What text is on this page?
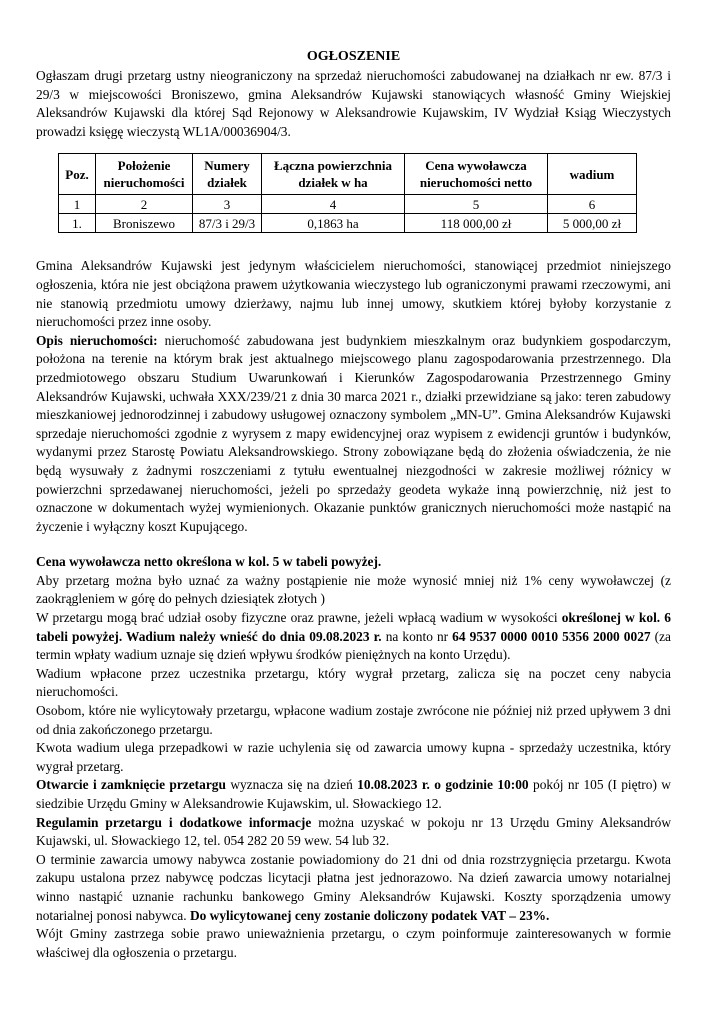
OGŁOSZENIE

Ogłaszam drugi przetarg ustny nieograniczony na sprzedaż nieruchomości zabudowanej na działkach nr ew. 87/3 i 29/3 w miejscowości Broniszewo, gmina Aleksandrów Kujawski stanowiących własność Gminy Wiejskiej Aleksandrów Kujawski dla której Sąd Rejonowy w Aleksandrowie Kujawskim, IV Wydział Ksiąg Wieczystych prowadzi księgę wieczystą WL1A/00036904/3.

Poz.	Położenie nieruchomości	Numery działek	Łączna powierzchnia działek w ha	Cena wywoławcza nieruchomości netto	wadium
1	2	3	4	5	6
1.	Broniszewo	87/3 i 29/3	0,1863 ha	118 000,00 zł	5 000,00 zł

Gmina Aleksandrów Kujawski jest jedynym właścicielem nieruchomości, stanowiącej przedmiot niniejszego ogłoszenia, która nie jest obciążona prawem użytkowania wieczystego lub ograniczonymi prawami rzeczowymi, ani nie stanowią przedmiotu umowy dzierżawy, najmu lub innej umowy, skutkiem której byłoby korzystanie z nieruchomości przez inne osoby.

Opis nieruchomości: nieruchomość zabudowana jest budynkiem mieszkalnym oraz budynkiem gospodarczym, położona na terenie na którym brak jest aktualnego miejscowego planu zagospodarowania przestrzennego. Dla przedmiotowego obszaru Studium Uwarunkowań i Kierunków Zagospodarowania Przestrzennego Gminy Aleksandrów Kujawski, uchwała XXX/239/21 z dnia 30 marca 2021 r., działki przewidziane są jako: teren zabudowy mieszkaniowej jednorodzinnej i zabudowy usługowej oznaczony symbolem „MN-U”. Gmina Aleksandrów Kujawski sprzedaje nieruchomości zgodnie z wyrysem z mapy ewidencyjnej oraz wypisem z ewidencji gruntów i budynków, wydanymi przez Starostę Powiatu Aleksandrowskiego. Strony zobowiązane będą do złożenia oświadczenia, że nie będą wysuwały z żadnymi roszczeniami z tytułu ewentualnej niezgodności w zakresie możliwej różnicy w powierzchni sprzedawanej nieruchomości, jeżeli po sprzedaży geodeta wykaże inną powierzchnię, niż jest to oznaczone w dokumentach wyżej wymienionych. Okazanie punktów granicznych nieruchomości może nastąpić na życzenie i wyłączny koszt Kupującego.

Cena wywoławcza netto określona w kol. 5 w tabeli powyżej.

Aby przetarg można było uznać za ważny postąpienie nie może wynosić mniej niż 1% ceny wywoławczej (z zaokrągleniem w górę do pełnych dziesiątek złotych )

W przetargu mogą brać udział osoby fizyczne oraz prawne, jeżeli wpłacą wadium w wysokości określonej w kol. 6 tabeli powyżej. Wadium należy wnieść do dnia 09.08.2023 r. na konto nr 64 9537 0000 0010 5356 2000 0027 (za termin wpłaty wadium uznaje się dzień wpływu środków pieniężnych na konto Urzędu).

Wadium wpłacone przez uczestnika przetargu, który wygrał przetarg, zalicza się na poczet ceny nabycia nieruchomości.

Osobom, które nie wylicytowały przetargu, wpłacone wadium zostaje zwrócone nie później niż przed upływem 3 dni od dnia zakończonego przetargu.

Kwota wadium ulega przepadkowi w razie uchylenia się od zawarcia umowy kupna - sprzedaży uczestnika, który wygrał przetarg.

Otwarcie i zamknięcie przetargu wyznacza się na dzień 10.08.2023 r. o godzinie 10:00 pokój nr 105 (I piętro) w siedzibie Urzędu Gminy w Aleksandrowie Kujawskim, ul. Słowackiego 12.

Regulamin przetargu i dodatkowe informacje można uzyskać w pokoju nr 13 Urzędu Gminy Aleksandrów Kujawski, ul. Słowackiego 12, tel. 054 282 20 59 wew. 54 lub 32.

O terminie zawarcia umowy nabywca zostanie powiadomiony do 21 dni od dnia rozstrzygnięcia przetargu. Kwota zakupu ustalona przez nabywcę podczas licytacji płatna jest jednorazowo. Na dzień zawarcia umowy notarialnej winno nastąpić uznanie rachunku bankowego Gminy Aleksandrów Kujawski. Koszty sporządzenia umowy notarialnej ponosi nabywca. Do wylicytowanej ceny zostanie doliczony podatek VAT – 23%.

Wójt Gminy zastrzega sobie prawo unieważnienia przetargu, o czym poinformuje zainteresowanych w formie właściwej dla ogłoszenia o przetargu.
